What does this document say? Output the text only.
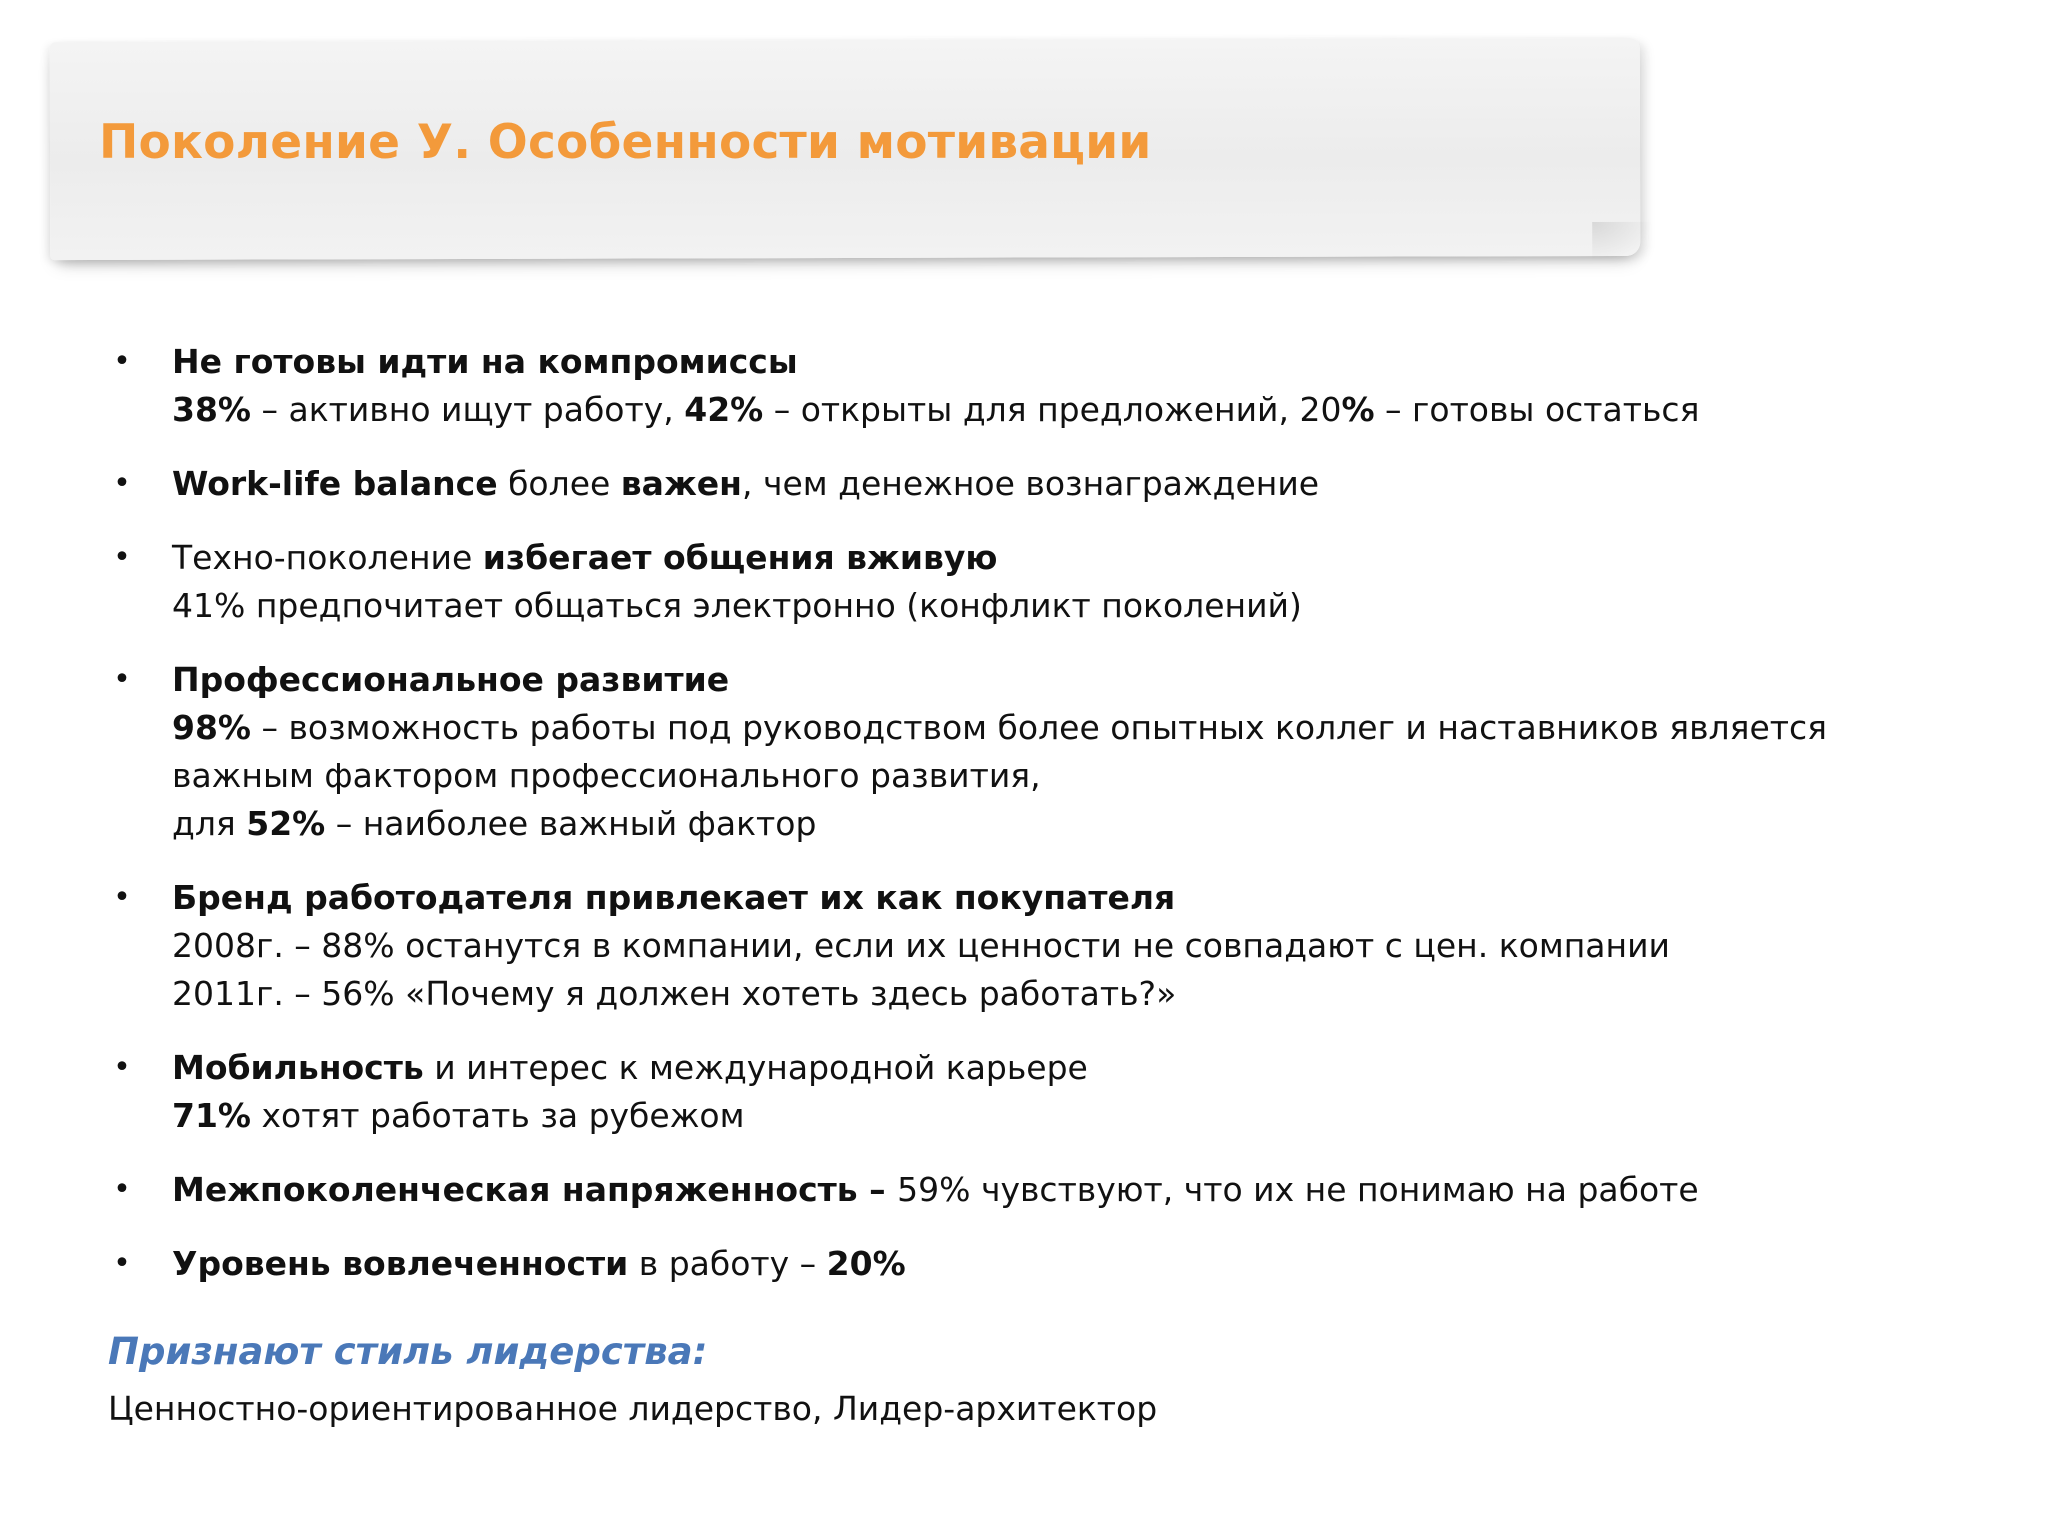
Поколение У. Особенности мотивации
• Не готовы идти на компромиссы
38% – активно ищут работу, 42% – открыты для предложений, 20% – готовы остаться
• Work-life balance более важен, чем денежное вознаграждение
• Техно-поколение избегает общения вживую
41% предпочитает общаться электронно (конфликт поколений)
• Профессиональное развитие
98% – возможность работы под руководством более опытных коллег и наставников является
важным фактором профессионального развития,
для 52% – наиболее важный фактор
• Бренд работодателя привлекает их как покупателя
2008г. – 88% останутся в компании, если их ценности не совпадают с цен. компании
2011г. – 56% «Почему я должен хотеть здесь работать?»
• Мобильность и интерес к международной карьере
71% хотят работать за рубежом
• Межпоколенческая напряженность – 59% чувствуют, что их не понимаю на работе
• Уровень вовлеченности в работу – 20%
Признают стиль лидерства:

Ценностно-ориентированное лидерство, Лидер-архитектор
